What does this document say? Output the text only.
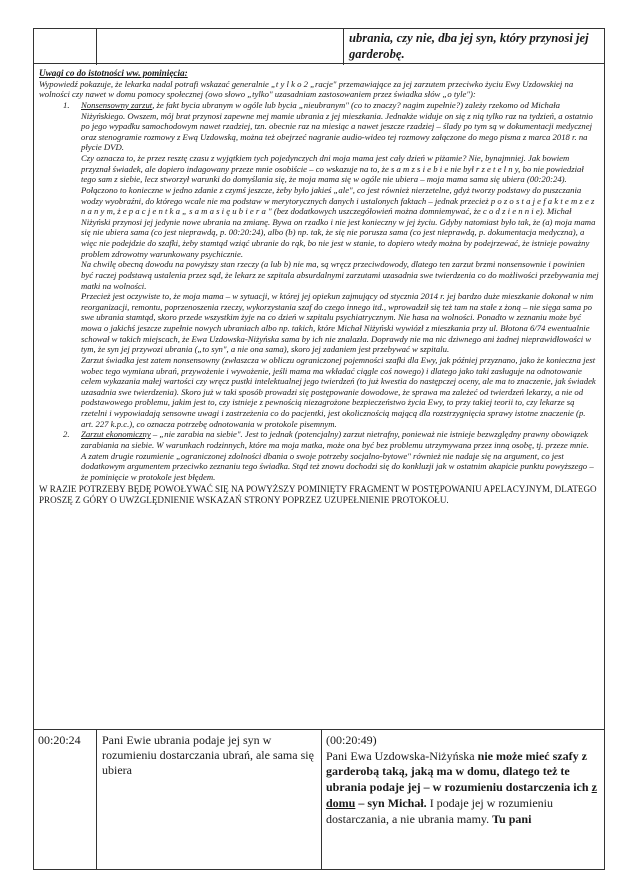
ubrania, czy nie, dba jej syn, który przynosi jej garderobę.

Uwagi co do istotności ww. pominięcia:

Wypowiedź pokazuje, że lekarka nadal potrafi wskazać generalnie „t y l k o 2 „racje" przemawiające za jej zarzutem przeciwko życiu Ewy Uzdowskiej na wolności czy nawet w domu pomocy społecznej (owo słowo „tylko" uzasadniam zastosowaniem przez świadka słów „o tyle"):

1. Nonsensowny zarzut, że fakt bycia ubranym w ogóle lub bycia „nieubranym" (co to znaczy? nagim zupełnie?) zależy rzekomo od Michała Niżyńskiego. Owszem, mój brat przynosi zapewne mej mamie ubrania z jej mieszkania. Jednakże widuje on się z nią tylko raz na tydzień, a ostatnio po jego wypadku samochodowym nawet rzadziej, tzn. obecnie raz na miesiąc a nawet jeszcze rzadziej – ślady po tym są w dokumentacji medycznej oraz stenogramie rozmowy z Ewą Uzdowską, można też obejrzeć nagranie audio-wideo tej rozmowy załączone do mego pisma z marca 2018 r. na płycie DVD.

Czy oznacza to, że przez resztę czasu z wyjątkiem tych pojedynczych dni moja mama jest cały dzień w piżamie? Nie, bynajmniej. Jak bowiem przyznał świadek, ale dopiero indagowany przeze mnie osobiście – co wskazuje na to, że s a m z s i e b i e nie był r z e t e l n y, bo nie powiedział tego sam z siebie, lecz stworzył warunki do domyślania się, że moja mama się w ogóle nie ubiera – moja mama sama się ubiera (00:20:24). Połączono to konieczne w jedno zdanie z czymś jeszcze, żeby było jakieś „ale", co jest również nierzetelne, gdyż tworzy podstawy do puszczania wodzy wyobraźni, do którego wcale nie ma podstaw w merytorycznych danych i ustalonych faktach – jednak przecież p o z o s t a j e f a k t e m z e z n a n y m, ż e p a c j e n t k a „ s a m a s i ę u b i e r a " (bez dodatkowych uszczegółowień można domniemywać, że c o d z i e n n i e). Michał Niżyński przynosi jej jedynie nowe ubrania na zmianę. Bywa on rzadko i nie jest konieczny w jej życiu. Gdyby natomiast było tak, że (a) moja mama się nie ubiera sama (co jest nieprawdą, p. 00:20:24), albo (b) np. tak, że się nie porusza sama (co jest nieprawdą, p. dokumentacja medyczna), a więc nie podejdzie do szafki, żeby stamtąd wziąć ubranie do rąk, bo nie jest w stanie, to dopiero wtedy można by podejrzewać, że istnieje poważny problem zdrowotny warunkowany psychicznie.

Na chwilę obecną dowodu na powyższy stan rzeczy (a lub b) nie ma, są wręcz przeciwdowody, dlatego ten zarzut brzmi nonsensownie i powinien być raczej podstawą ustalenia przez sąd, że lekarz ze szpitala absurdalnymi zarzutami uzasadnia swe twierdzenia co do możliwości przebywania mej matki na wolności.

Przecież jest oczywiste to, że moja mama – w sytuacji, w której jej opiekun zajmujący od stycznia 2014 r. jej bardzo duże mieszkanie dokonał w nim reorganizacji, remontu, poprzenoszenia rzeczy, wykorzystania szaf do czego innego itd., wprowadził się też tam na stałe z żoną – nie sięga sama po swe ubrania stamtąd, skoro przede wszystkim żyje na co dzień w szpitalu psychiatrycznym. Nie hasa na wolności. Ponadto w zeznaniu może być mowa o jakichś jeszcze zupełnie nowych ubraniach albo np. takich, które Michał Niżyński wywiózł z mieszkania przy ul. Błotona 6/74 ewentualnie schował w takich miejscach, że Ewa Uzdowska-Niżyńska sama by ich nie znalazła. Doprawdy nie ma nic dziwnego ani żadnej nieprawidłowości w tym, że syn jej przywozi ubrania („to syn", a nie ona sama), skoro jej zadaniem jest przebywać w szpitalu.

Zarzut świadka jest zatem nonsensowny (zwłaszcza w obliczu ograniczonej pojemności szafki dla Ewy, jak później przyznano, jako że konieczna jest wobec tego wymiana ubrań, przywożenie i wywożenie, jeśli mama ma wkładać ciągle coś nowego) i dlatego jako taki zasługuje na odnotowanie celem wykazania małej wartości czy wręcz pustki intelektualnej jego twierdzeń (to już kwestia do następczej oceny, ale ma to znaczenie, jak świadek uzasadnia swe twierdzenia). Skoro już w taki sposób prowadzi się postępowanie dowodowe, że sprawa ma zależeć od twierdzeń lekarzy, a nie od podstawowego problemu, jakim jest to, czy istnieje z pewnością niezagrożone bezpieczeństwo życia Ewy, to przy takiej teorii to, czy lekarze są rzetelni i wypowiadają sensowne uwagi i zastrzeżenia co do pacjentki, jest okolicznością mającą dla rozstrzygnięcia sprawy istotne znaczenie (p. art. 227 k.p.c.), co oznacza potrzebę odnotowania w protokole pisemnym.

2. Zarzut ekonomiczny – „nie zarabia na siebie". Jest to jednak (potencjalny) zarzut nietrafny, ponieważ nie istnieje bezwzględny prawny obowiązek zarabiania na siebie. W warunkach rodzinnych, które ma moja matka, może ona być bez problemu utrzymywana przez inną osobę, tj. przeze mnie.

A zatem drugie rozumienie „ograniczonej zdolności dbania o swoje potrzeby socjalno-bytowe" również nie nadaje się na argument, co jest dodatkowym argumentem przeciwko zeznaniu tego świadka. Stąd też znowu dochodzi się do konkluzji jak w ostatnim akapicie punktu powyższego – że pominięcie w protokole jest błędem.

W RAZIE POTRZEBY BĘDĘ POWOŁYWAĆ SIĘ NA POWYŻSZY POMINIĘTY FRAGMENT W POSTĘPOWANIU APELACYJNYM, DLATEGO PROSZĘ Z GÓRY O UWZGLĘDNIENIE WSKAZAŃ STRONY POPRZEZ UZUPEŁNIENIE PROTOKOŁU.

00:20:24 Pani Ewie ubrania podaje jej syn w rozumieniu dostarczania ubrań, ale sama się ubiera
(00:20:49)
Pani Ewa Uzdowska-Niżyńska nie może mieć szafy z garderobą taką, jaką ma w domu, dlatego też te ubrania podaje jej – w rozumieniu dostarczenia ich z domu – syn Michał. I podaje jej w rozumieniu dostarczania, a nie ubrania mamy. Tu pani
